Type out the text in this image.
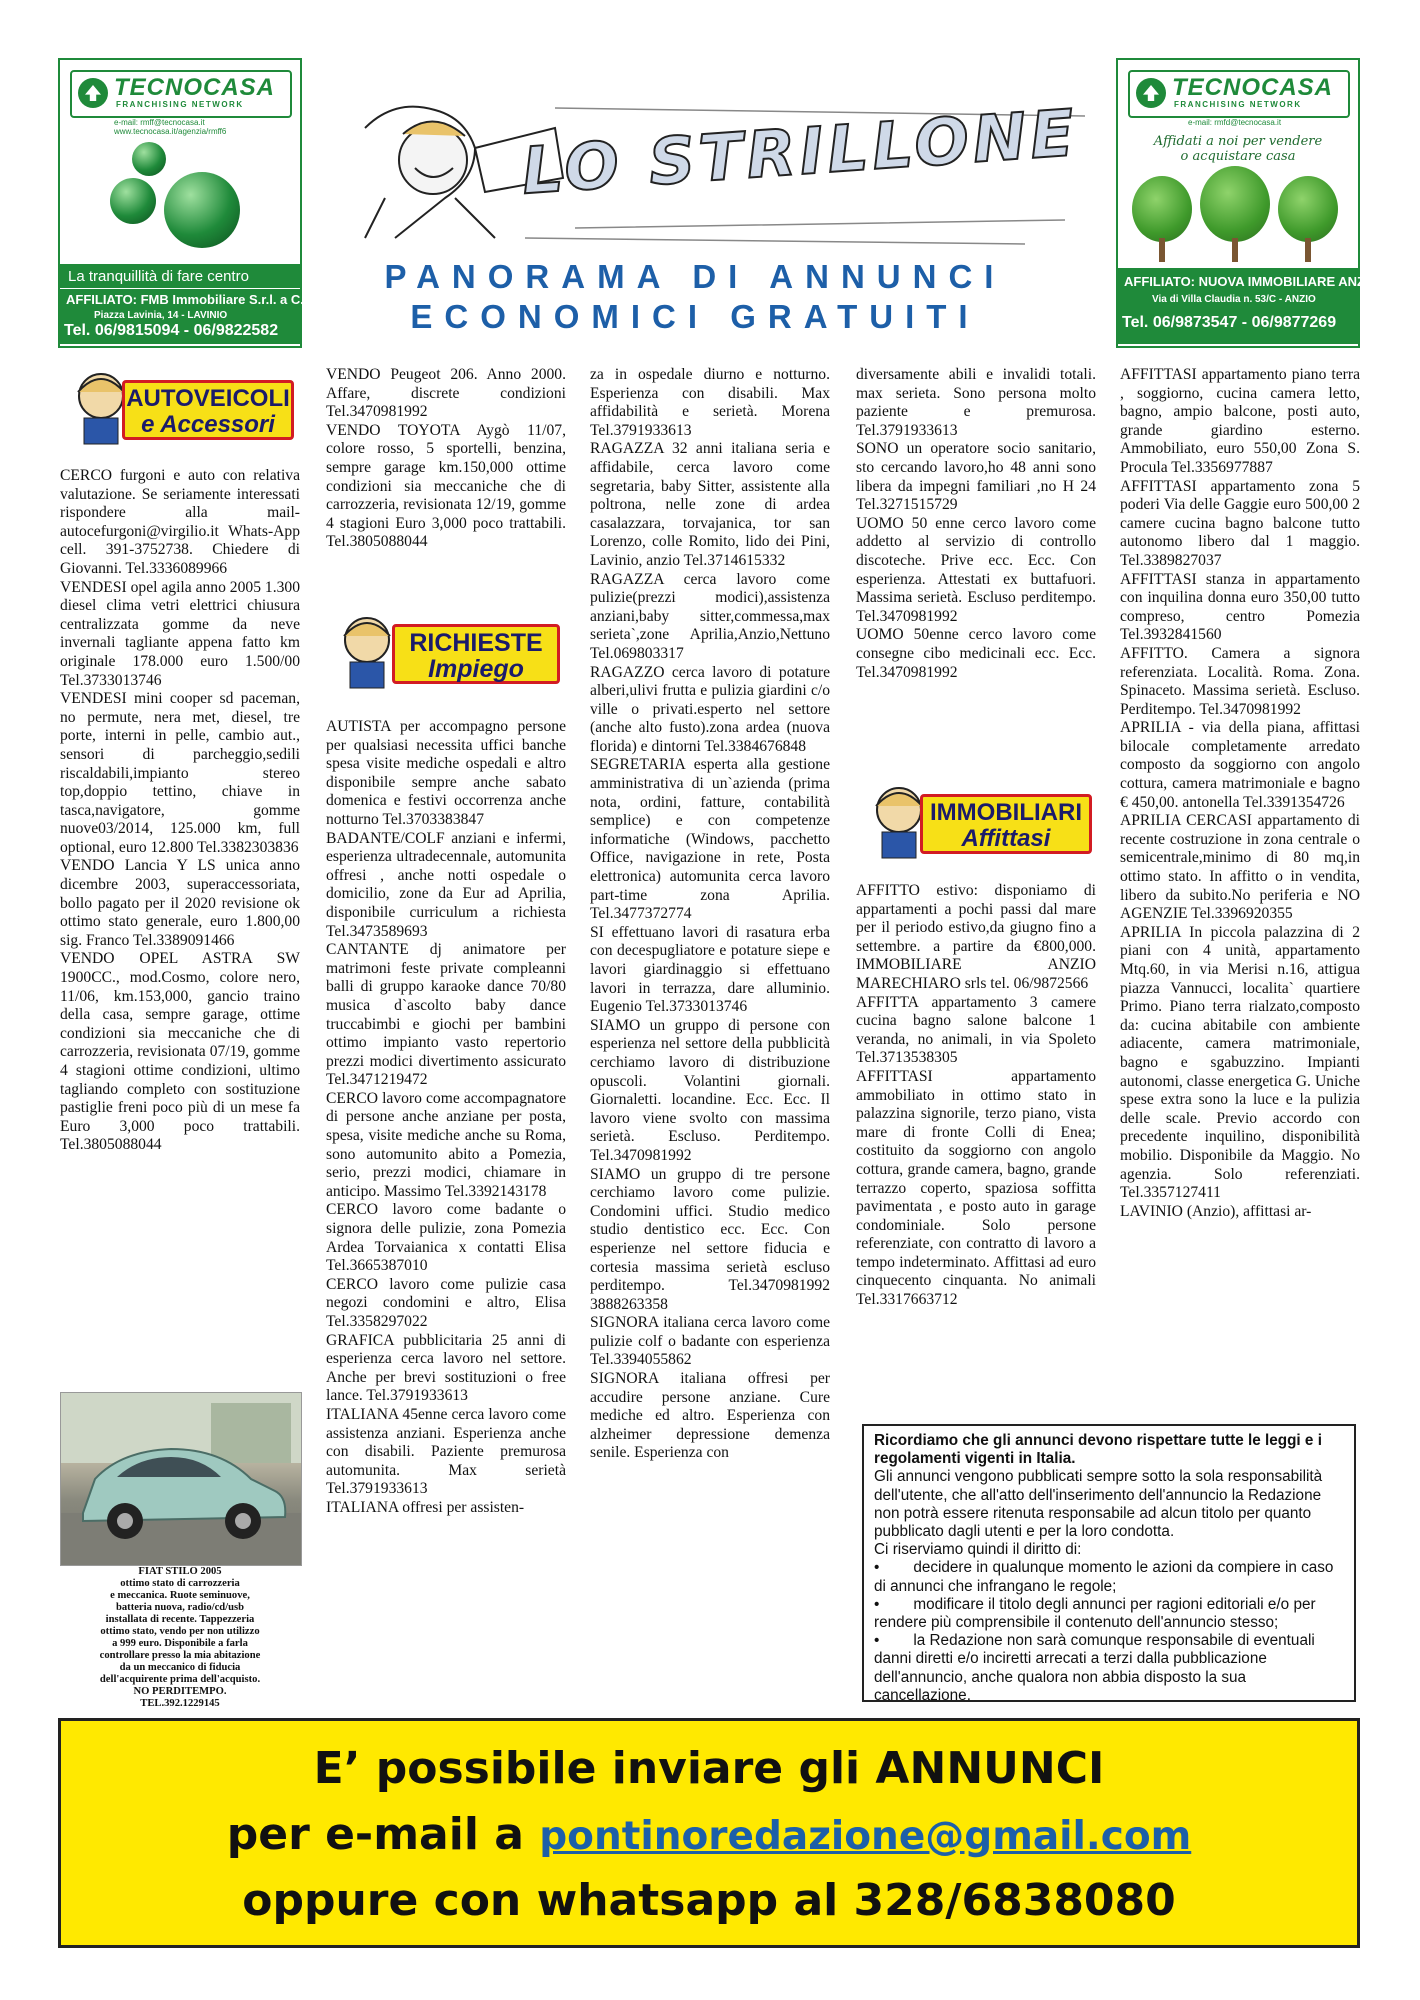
TECNOCASA
FRANCHISING NETWORK
e-mail: rmff@tecnocasa.it www.tecnocasa.it/agenzia/rmff6
La tranquillità di fare centro
AFFILIATO: FMB Immobiliare S.r.l. a C.R.
Piazza Lavinia, 14 - LAVINIO
Tel. 06/9815094 - 06/9822582
TECNOCASA
FRANCHISING NETWORK
e-mail: rmfd@tecnocasa.it
Affidati a noi per vendere
o acquistare casa
AFFILIATO: NUOVA IMMOBILIARE ANZIO
Via di Villa Claudia n. 53/C - ANZIO
Tel. 06/9873547 - 06/9877269
LO STRILLONE
PANORAMA DI ANNUNCI
ECONOMICI GRATUITI
AUTOVEICOLI
e Accessori
RICHIESTE
Impiego
IMMOBILIARI
Affittasi

CERCO furgoni e auto con relativa valutazione. Se seriamente interessati rispondere alla mail- autocefurgoni@virgilio.it Whats-App cell. 391-3752738. Chiedere di Giovanni. Tel.3336089966

VENDESI opel agila anno 2005 1.300 diesel clima vetri elettrici chiusura centralizzata gomme da neve invernali tagliante appena fatto km originale 178.000 euro 1.500/00 Tel.3733013746

VENDESI mini cooper sd paceman, no permute, nera met, diesel, tre porte, interni in pelle, cambio aut., sensori di parcheggio,sedili riscaldabili,impianto stereo top,doppio tettino, chiave in tasca,navigatore, gomme nuove03/2014, 125.000 km, full optional, euro 12.800 Tel.3382303836

VENDO Lancia Y LS unica anno dicembre 2003, superaccessoriata, bollo pagato per il 2020 revisione ok ottimo stato generale, euro 1.800,00 sig. Franco Tel.3389091466

VENDO OPEL ASTRA SW 1900CC., mod.Cosmo, colore nero, 11/06, km.153,000, gancio traino della casa, sempre garage, ottime condizioni sia meccaniche che di carrozzeria, revisionata 07/19, gomme 4 stagioni ottime condizioni, ultimo tagliando completo con sostituzione pastiglie freni poco più di un mese fa Euro 3,000 poco trattabili. Tel.3805088044

FIAT STILO 2005
ottimo stato di carrozzeria
e meccanica. Ruote seminuove,
batteria nuova, radio/cd/usb
installata di recente. Tappezzeria
ottimo stato, vendo per non utilizzo
a 999 euro. Disponibile a farla
controllare presso la mia abitazione
da un meccanico di fiducia
dell'acquirente prima dell'acquisto.
NO PERDITEMPO.
TEL.392.1229145

VENDO Peugeot 206. Anno 2000. Affare, discrete condizioni Tel.3470981992

VENDO TOYOTA Aygò 11/07, colore rosso, 5 sportelli, benzina, sempre garage km.150,000 ottime condizioni sia meccaniche che di carrozzeria, revisionata 12/19, gomme 4 stagioni Euro 3,000 poco trattabili. Tel.3805088044

AUTISTA per accompagno persone per qualsiasi necessita uffici banche spesa visite mediche ospedali e altro disponibile sempre anche sabato domenica e festivi occorrenza anche notturno Tel.3703383847

BADANTE/COLF anziani e infermi, esperienza ultradecennale, automunita offresi , anche notti ospedale o domicilio, zone da Eur ad Aprilia, disponibile curriculum a richiesta Tel.3473589693

CANTANTE dj animatore per matrimoni feste private compleanni balli di gruppo karaoke dance 70/80 musica d`ascolto baby dance truccabimbi e giochi per bambini ottimo impianto vasto repertorio prezzi modici divertimento assicurato Tel.3471219472

CERCO lavoro come accompagnatore di persone anche anziane per posta, spesa, visite mediche anche su Roma, sono automunito abito a Pomezia, serio, prezzi modici, chiamare in anticipo. Massimo Tel.3392143178

CERCO lavoro come badante o signora delle pulizie, zona Pomezia Ardea Torvaianica x contatti Elisa Tel.3665387010

CERCO lavoro come pulizie casa negozi condomini e altro, Elisa Tel.3358297022

GRAFICA pubblicitaria 25 anni di esperienza cerca lavoro nel settore. Anche per brevi sostituzioni o free lance. Tel.3791933613

ITALIANA 45enne cerca lavoro come assistenza anziani. Esperienza anche con disabili. Paziente premurosa automunita. Max serietà Tel.3791933613

ITALIANA offresi per assisten-

za in ospedale diurno e notturno. Esperienza con disabili. Max affidabilità e serietà. Morena Tel.3791933613

RAGAZZA 32 anni italiana seria e affidabile, cerca lavoro come segretaria, baby Sitter, assistente alla poltrona, nelle zone di ardea casalazzara, torvajanica, tor san Lorenzo, colle Romito, lido dei Pini, Lavinio, anzio Tel.3714615332

RAGAZZA cerca lavoro come pulizie(prezzi modici),assistenza anziani,baby sitter,commessa,max serieta`,zone Aprilia,Anzio,Nettuno Tel.069803317

RAGAZZO cerca lavoro di potature alberi,ulivi frutta e pulizia giardini c/o ville o privati.esperto nel settore (anche alto fusto).zona ardea (nuova florida) e dintorni Tel.3384676848

SEGRETARIA esperta alla gestione amministrativa di un`azienda (prima nota, ordini, fatture, contabilità semplice) e con competenze informatiche (Windows, pacchetto Office, navigazione in rete, Posta elettronica) automunita cerca lavoro part-time zona Aprilia. Tel.3477372774

SI effettuano lavori di rasatura erba con decespugliatore e potature siepe e lavori giardinaggio si effettuano lavori in terrazza, dare alluminio. Eugenio Tel.3733013746

SIAMO un gruppo di persone con esperienza nel settore della pubblicità cerchiamo lavoro di distribuzione opuscoli. Volantini giornali. Giornaletti. locandine. Ecc. Ecc. Il lavoro viene svolto con massima serietà. Escluso. Perditempo. Tel.3470981992

SIAMO un gruppo di tre persone cerchiamo lavoro come pulizie. Condomini uffici. Studio medico studio dentistico ecc. Ecc. Con esperienze nel settore fiducia e cortesia massima serietà escluso perditempo. Tel.3470981992 3888263358

SIGNORA italiana cerca lavoro come pulizie colf o badante con esperienza Tel.3394055862

SIGNORA italiana offresi per accudire persone anziane. Cure mediche ed altro. Esperienza con alzheimer depressione demenza senile. Esperienza con

diversamente abili e invalidi totali. max serieta. Sono persona molto paziente e premurosa. Tel.3791933613

SONO un operatore socio sanitario, sto cercando lavoro,ho 48 anni sono libera da impegni familiari ,no H 24 Tel.3271515729

UOMO 50 enne cerco lavoro come addetto al servizio di controllo discoteche. Prive ecc. Ecc. Con esperienza. Attestati ex buttafuori. Massima serietà. Escluso perditempo. Tel.3470981992

UOMO 50enne cerco lavoro come consegne cibo medicinali ecc. Ecc. Tel.3470981992

AFFITTO estivo: disponiamo di appartamenti a pochi passi dal mare per il periodo estivo,da giugno fino a settembre. a partire da €800,000. IMMOBILIARE ANZIO MARECHIARO srls tel. 06/9872566

AFFITTA appartamento 3 camere cucina bagno salone balcone 1 veranda, no animali, in via Spoleto Tel.3713538305

AFFITTASI appartamento ammobiliato in ottimo stato in palazzina signorile, terzo piano, vista mare di fronte Colli di Enea; costituito da soggiorno con angolo cottura, grande camera, bagno, grande terrazzo coperto, spaziosa soffitta pavimentata , e posto auto in garage condominiale. Solo persone referenziate, con contratto di lavoro a tempo indeterminato. Affittasi ad euro cinquecento cinquanta. No animali Tel.3317663712

AFFITTASI appartamento piano terra , soggiorno, cucina camera letto, bagno, ampio balcone, posti auto, grande giardino esterno. Ammobiliato, euro 550,00 Zona S. Procula Tel.3356977887

AFFITTASI appartamento zona 5 poderi Via delle Gaggie euro 500,00 2 camere cucina bagno balcone tutto autonomo libero dal 1 maggio. Tel.3389827037

AFFITTASI stanza in appartamento con inquilina donna euro 350,00 tutto compreso, centro Pomezia Tel.3932841560

AFFITTO. Camera a signora referenziata. Località. Roma. Zona. Spinaceto. Massima serietà. Escluso. Perditempo. Tel.3470981992

APRILIA - via della piana, affittasi bilocale completamente arredato composto da soggiorno con angolo cottura, camera matrimoniale e bagno € 450,00. antonella Tel.3391354726

APRILIA CERCASI appartamento di recente costruzione in zona centrale o semicentrale,minimo di 80 mq,in ottimo stato. In affitto o in vendita, libero da subito.No periferia e NO AGENZIE Tel.3396920355

APRILIA In piccola palazzina di 2 piani con 4 unità, appartamento Mtq.60, in via Merisi n.16, attigua piazza Vannucci, localita` quartiere Primo. Piano terra rialzato,composto da: cucina abitabile con ambiente adiacente, camera matrimoniale, bagno e sgabuzzino. Impianti autonomi, classe energetica G. Uniche spese extra sono la luce e la pulizia delle scale. Previo accordo con precedente inquilino, disponibilità mobilio. Disponibile da Maggio. No agenzia. Solo referenziati. Tel.3357127411

LAVINIO (Anzio), affittasi ar-

Ricordiamo che gli annunci devono rispettare tutte le leggi e i regolamenti vigenti in Italia.

Gli annunci vengono pubblicati sempre sotto la sola responsabilità dell'utente, che all'atto dell'inserimento dell'annuncio la Redazione non potrà essere ritenuta responsabile ad alcun titolo per quanto pubblicato dagli utenti e per la loro condotta.

Ci riserviamo quindi il diritto di:

•        decidere in qualunque momento le azioni da compiere in caso di annunci che infrangano le regole;

•        modificare il titolo degli annunci per ragioni editoriali e/o per rendere più comprensibile il contenuto dell'annuncio stesso;

•        la Redazione non sarà comunque responsabile di eventuali danni diretti e/o inciretti arrecati a terzi dalla pubblicazione dell'annuncio, anche qualora non abbia disposto la sua cancellazione.

E’ possibile inviare gli ANNUNCI
per e-mail a pontinoredazione@gmail.com
oppure con whatsapp al 328/6838080
